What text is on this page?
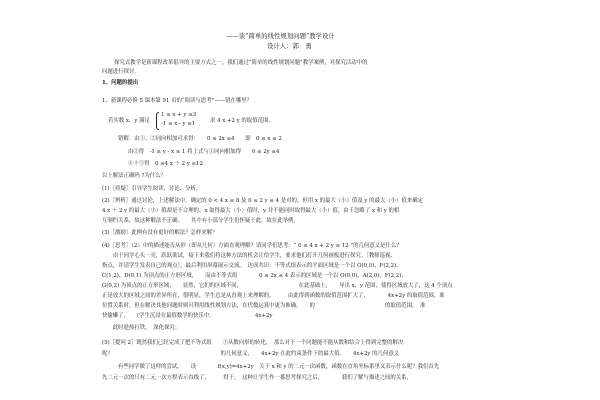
——谈“简单的线性规划问题”教学设计
设计人：郭　勇
探究式教学是新课程改革倡导的主要方式之一，我们通过“简单的线性规划问题”教学案例，对探究活动中的
问题进行探讨。
1、问题的提出
1、新课程必修 5 课本第 91 页的“阅读与思考”——错在哪里？
若实数 x、y 满足
1 ≤ x + y ≤3
-1 ≤ x - y ≤1	求 4 x +2 y 的取值范围。
错解：由①、②同向相加可求得：　　0 ≤ 2x ≤4　　即　0 ≤ x ≤ 2
由②得　-1 ≤ y - x ≤ 1 将上式与①同向相加得　　0 ≤ 2y ≤4
④十⑤得　0 ≤4 x ＋ 2 y ≤12
以上解法正确吗 ?为什么？
(1)［质疑］引导学生阅读、讨论、分析。
(2)［辨析］通过讨论，上述解法中，确定的 0 < 4 x ≤ 8 及 0 ≤ 2 y ≤ 4 是对的，但用 x 的最大（小）值及 y 的最大（小）值来确定
4 x ＋ 2 y 的最大（小）值却是不合理的。x 取得最大（小）值时，y 并不能同时取得最大（小）值。由于忽略了 x 和 y 的相
互制约关系，故这种解法不正确。　　其中有小部分学生仍怀疑于此，故在此举例。
(3)［激励］此例有没有更好的解法？怎样求解？
(4)［思考］（2）中的描述能否从形（即从几何）方面直观理解？请同学们思考：“ 0 ≤ 4 x + 2 y ≤ 12 ”的几何意义是什么？
　　由于同学心头一亮，跃跃欲试，接下来我们将这种方法的机会让给学生，要求他们打开几何画板进行探究。［教师巡视、
指点，并请学生发表自己的观点］，最后利用屏幕展示交流。　达成共识：不等式组表示的平面区域是一个以 O(0,0)、F(2,2)、
C(1,2)、D(0,1) 为顶点的正方形区域，　　而由不等式组　　　　0 ≤ 2x ≤ 4 表示的区域是一个以 O(0,0)、A(2,0)、F(2,2)、
G(0,2) 为顶点的正方形区域，　　显然，它们的区域不同，　　　　　　　　　　　在此基础上，　　导出 x、y 范围，使得区域放大了，这 4 个顶点
正是放大的区域之间的差异所在，很明显，学生总是从直观上来理解的，　　　由此得到函数的取值范围扩大了，　　　　4x+2y 的取值范围，准
位置关系时，但在解决其他问题时则可利用线性规划方法，在代数运算中更为准确，　　的　　　　　　　　　　　　　的取值范围，　准
快偷懒了，　　(学生沉浸在最值数学的快乐中。　　　　　　　　4x+2y
　　此时趁热打铁，　深化探究：
(5)［提问 2］既然我们已经完成了把不等式组　　①从数向形的转化，　那么对于一个问题能不能从数和结合上得到完整的解决
呢？　　　　　　　　　　　　　　　　　　　　的几何意义，　　4x+2y 在此约束条件下的最大值。　　4x+2y 的几何意义
有些同学做了这样的尝试，　　设　　　　f(x,y)=4x+2y　关于 x 和 y 的二元一次函数，函数在直角坐标系里又表示什么呢？我们首先
先二元一次的只有二元一次方程表示直线了，　　　得于，　这种让学生作一番思考探究之后，　　　　我们了解与描述之间的关系，
